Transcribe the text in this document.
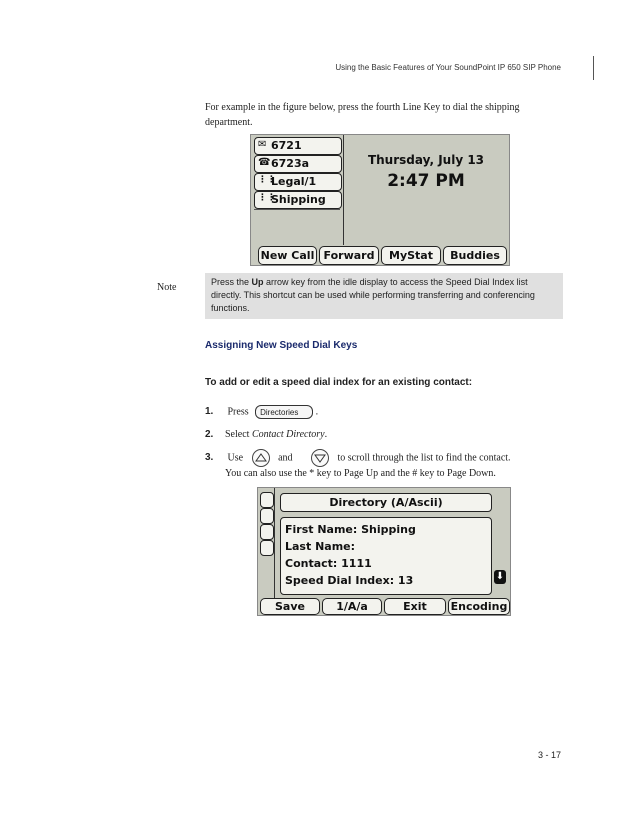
Using the Basic Features of Your SoundPoint IP 650 SIP Phone
For example in the figure below, press the fourth Line Key to dial the shipping department.
✉ 6721
☎ 6723a
⋮⋮
Legal/1
⋮⋮
Shipping
Thursday, July 13
2:47 PM
New Call Forward	MyStat	Buddies
Note	Press the Up arrow key from the idle display to access the Speed Dial Index list directly. This shortcut can be used while performing transferring and conferencing functions.
Assigning New Speed Dial Keys
To add or edit a speed dial index for an existing contact:
1. Press Directories .
2. Select Contact Directory.
3. Use	and	to scroll through the list to find the contact.
You can also use the * key to Page Up and the # key to Page Down.
Directory (A/Ascii)
First Name: Shipping
Last Name:
Contact: 1111
Speed Dial Index: 13	⬇
Save	1/A/a	Exit	Encoding
3 - 17
